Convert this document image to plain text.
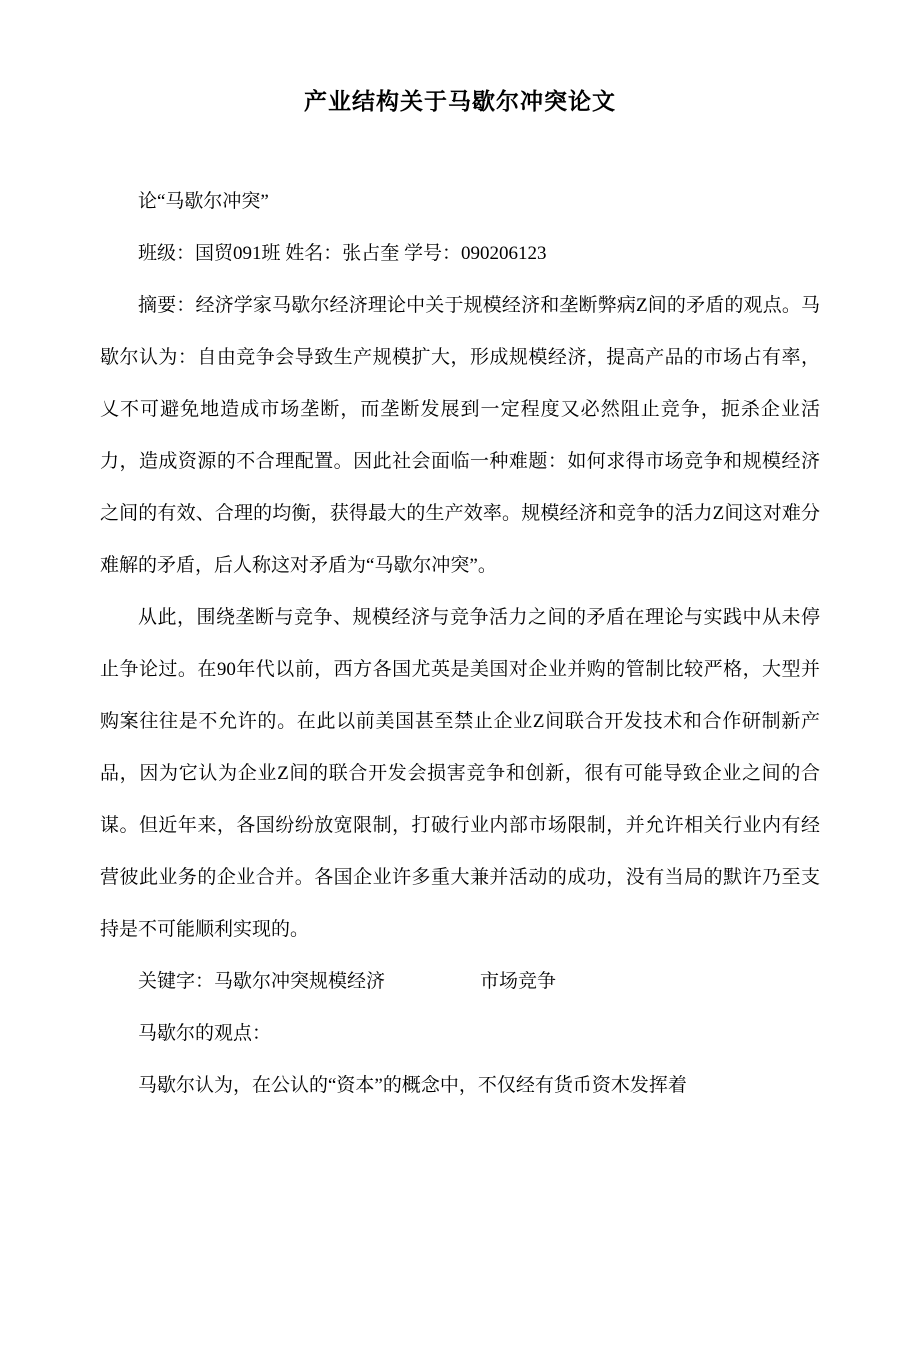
产业结构关于马歇尔冲突论文

论“马歇尔冲突”

班级：国贸091班 姓名：张占奎 学号：090206123

摘要：经济学家马歇尔经济理论中关于规模经济和垄断弊病Z间的矛盾的观点。马歇尔认为：自由竞争会导致生产规模扩大，形成规模经济，提高产品的市场占有率，乂不可避免地造成市场垄断，而垄断发展到一定程度又必然阻止竞争，扼杀企业活力，造成资源的不合理配置。因此社会面临一种难题：如何求得市场竞争和规模经济之间的有效、合理的均衡，获得最大的生产效率。规模经济和竞争的活力Z间这对难分难解的矛盾，后人称这对矛盾为“马歇尔冲突”。

从此，围绕垄断与竞争、规模经济与竞争活力之间的矛盾在理论与实践中从未停止争论过。在90年代以前，西方各国尤英是美国对企业并购的管制比较严格，大型并购案往往是不允许的。在此以前美国甚至禁止企业Z间联合开发技术和合作研制新产品，因为它认为企业Z间的联合开发会损害竞争和创新，很有可能导致企业之间的合谋。但近年来，各国纷纷放宽限制，打破行业内部市场限制，并允许相关行业内有经营彼此业务的企业合并。各国企业许多重大兼并活动的成功，没有当局的默许乃至支持是不可能顺利实现的。

关键字：马歇尔冲突规模经济　　　　　市场竞争

马歇尔的观点：

马歇尔认为，在公认的“资本”的概念中，不仅经有货币资木发挥着
